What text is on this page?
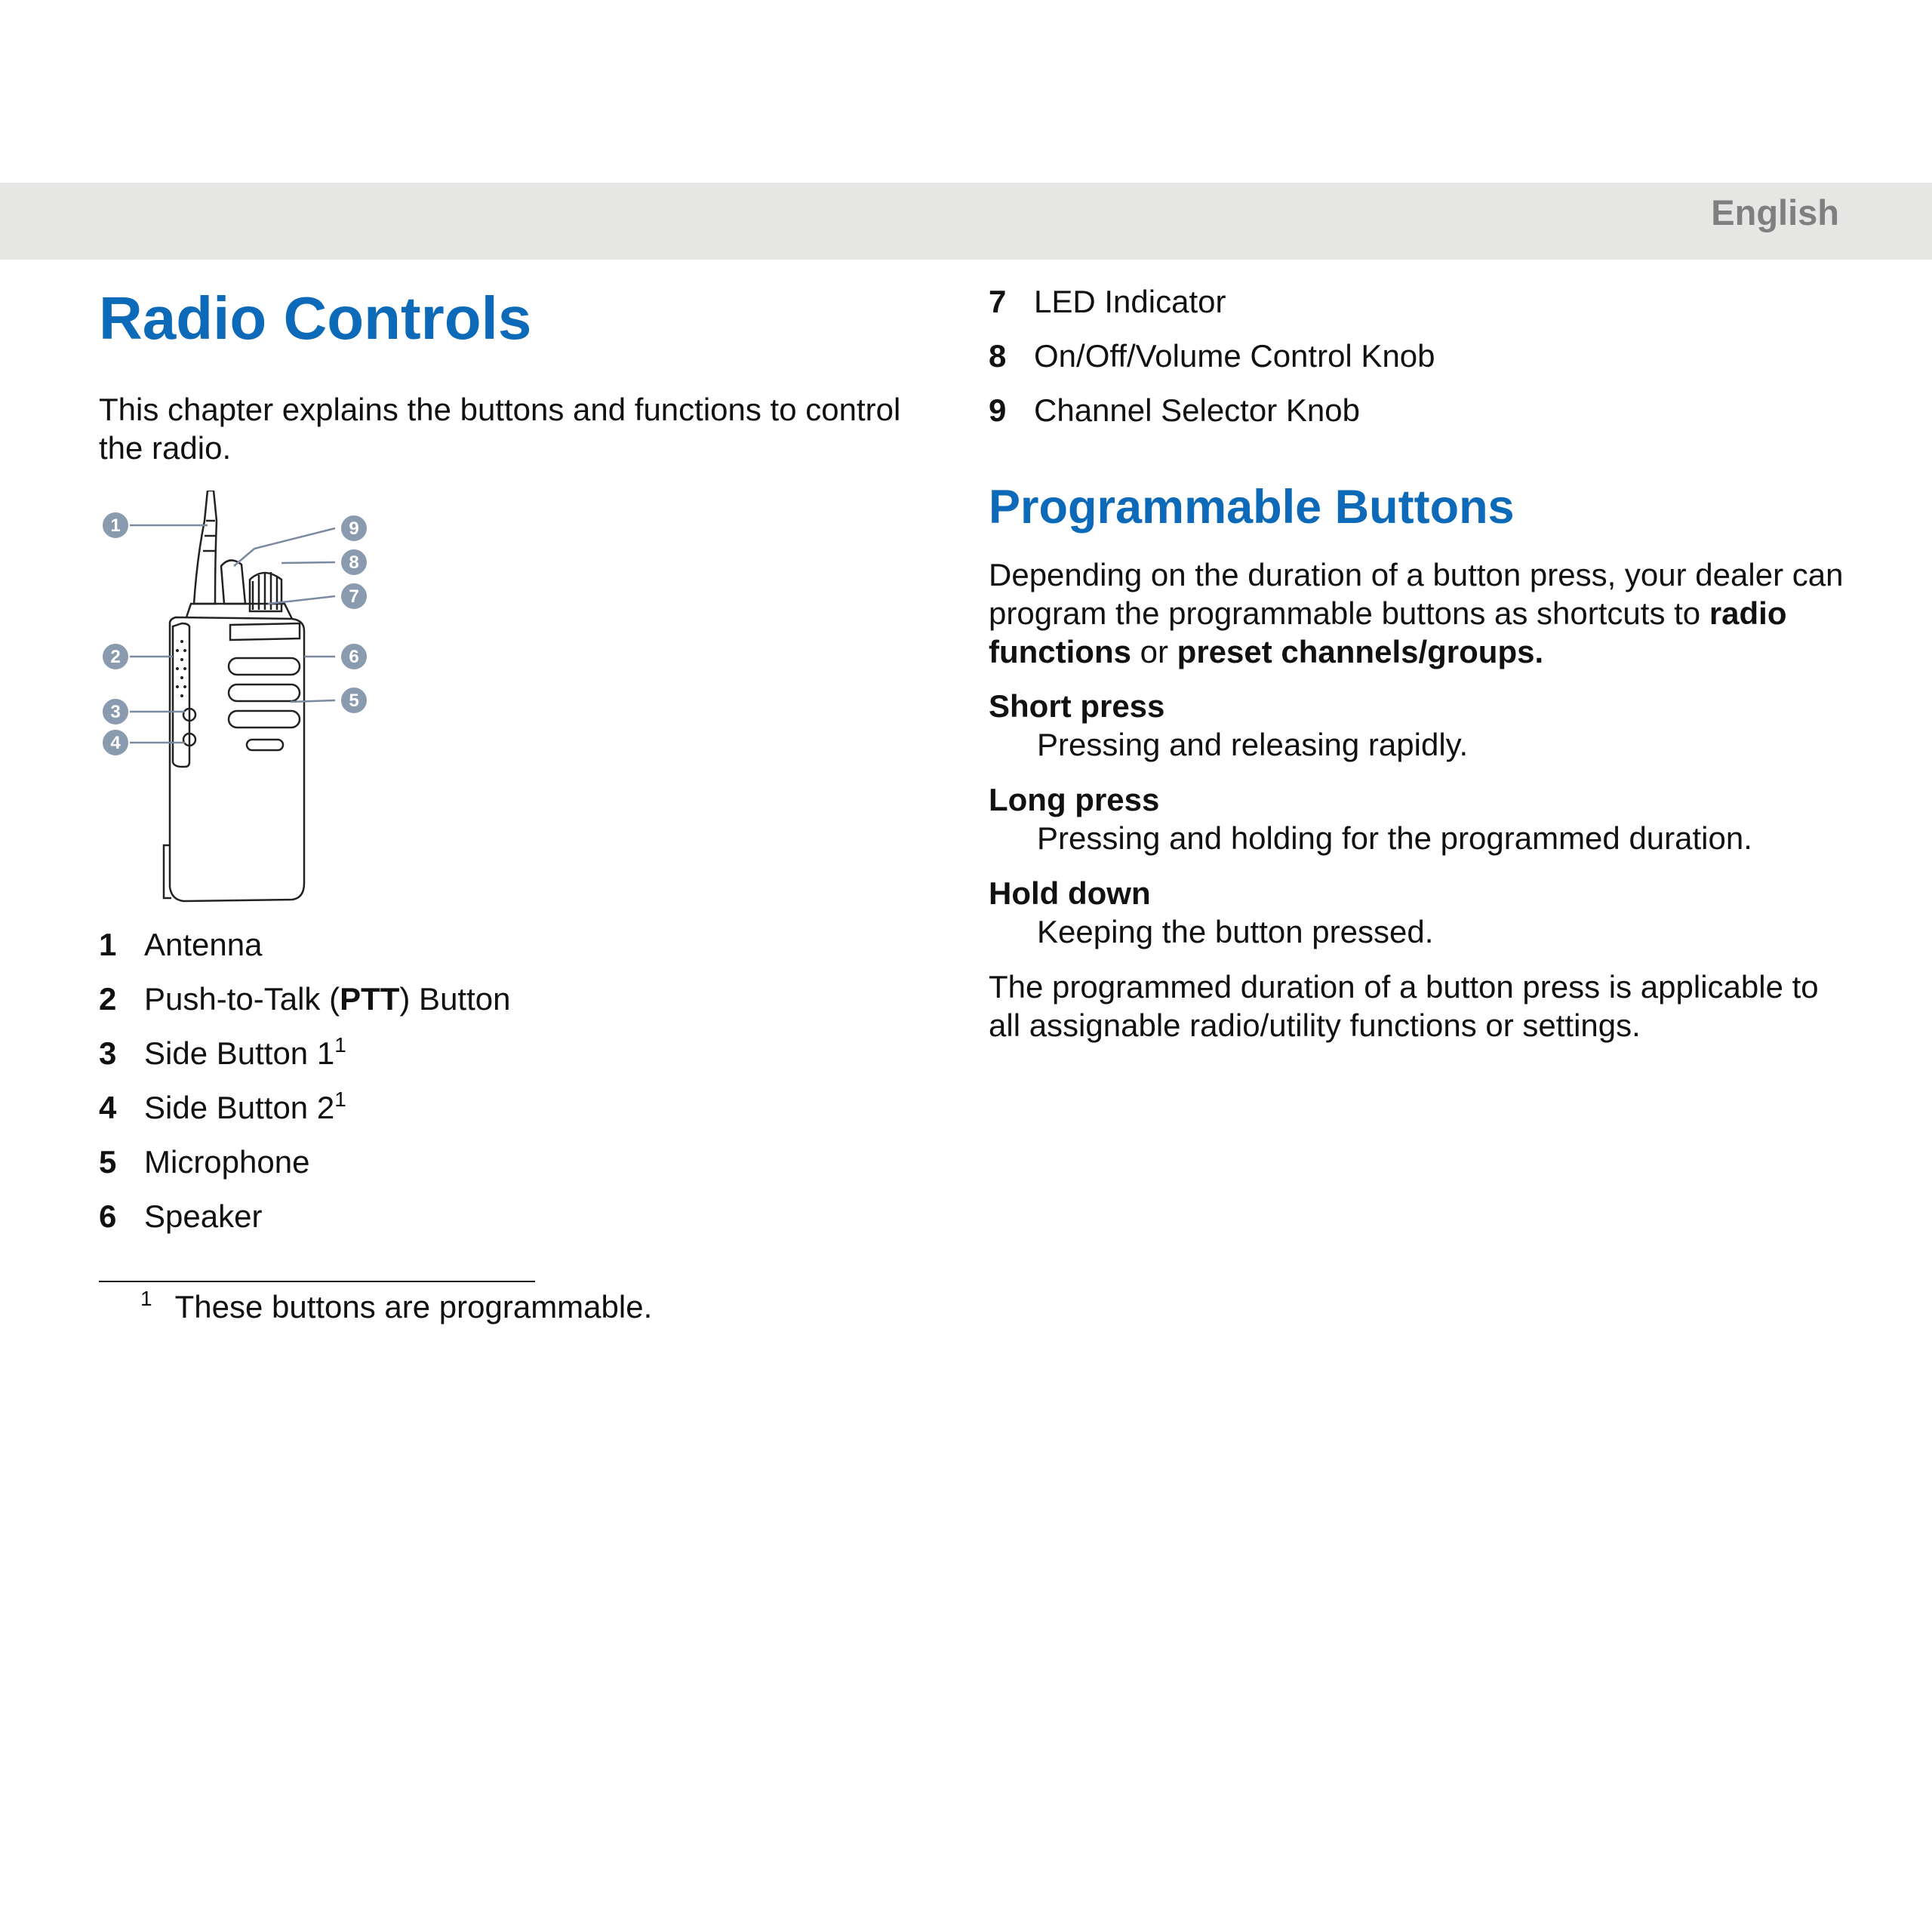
English
Radio Controls

This chapter explains the buttons and functions to control the radio.

1
2
3
4
9
8
7
6
5
1 Antenna
2 Push-to-Talk (PTT) Button
3 Side Button $1^1$
4 Side Button $2^1$
5 Microphone
6 Speaker

$^1$ These buttons are programmable.

7 LED Indicator
8 On/Off/Volume Control Knob
9 Channel Selector Knob
Programmable Buttons

Depending on the duration of a button press, your dealer can program the programmable buttons as shortcuts to radio functions or preset channels/groups.

Short press
Pressing and releasing rapidly.
Long press
Pressing and holding for the programmed duration.
Hold down
Keeping the button pressed.

The programmed duration of a button press is applicable to all assignable radio/utility functions or settings.
